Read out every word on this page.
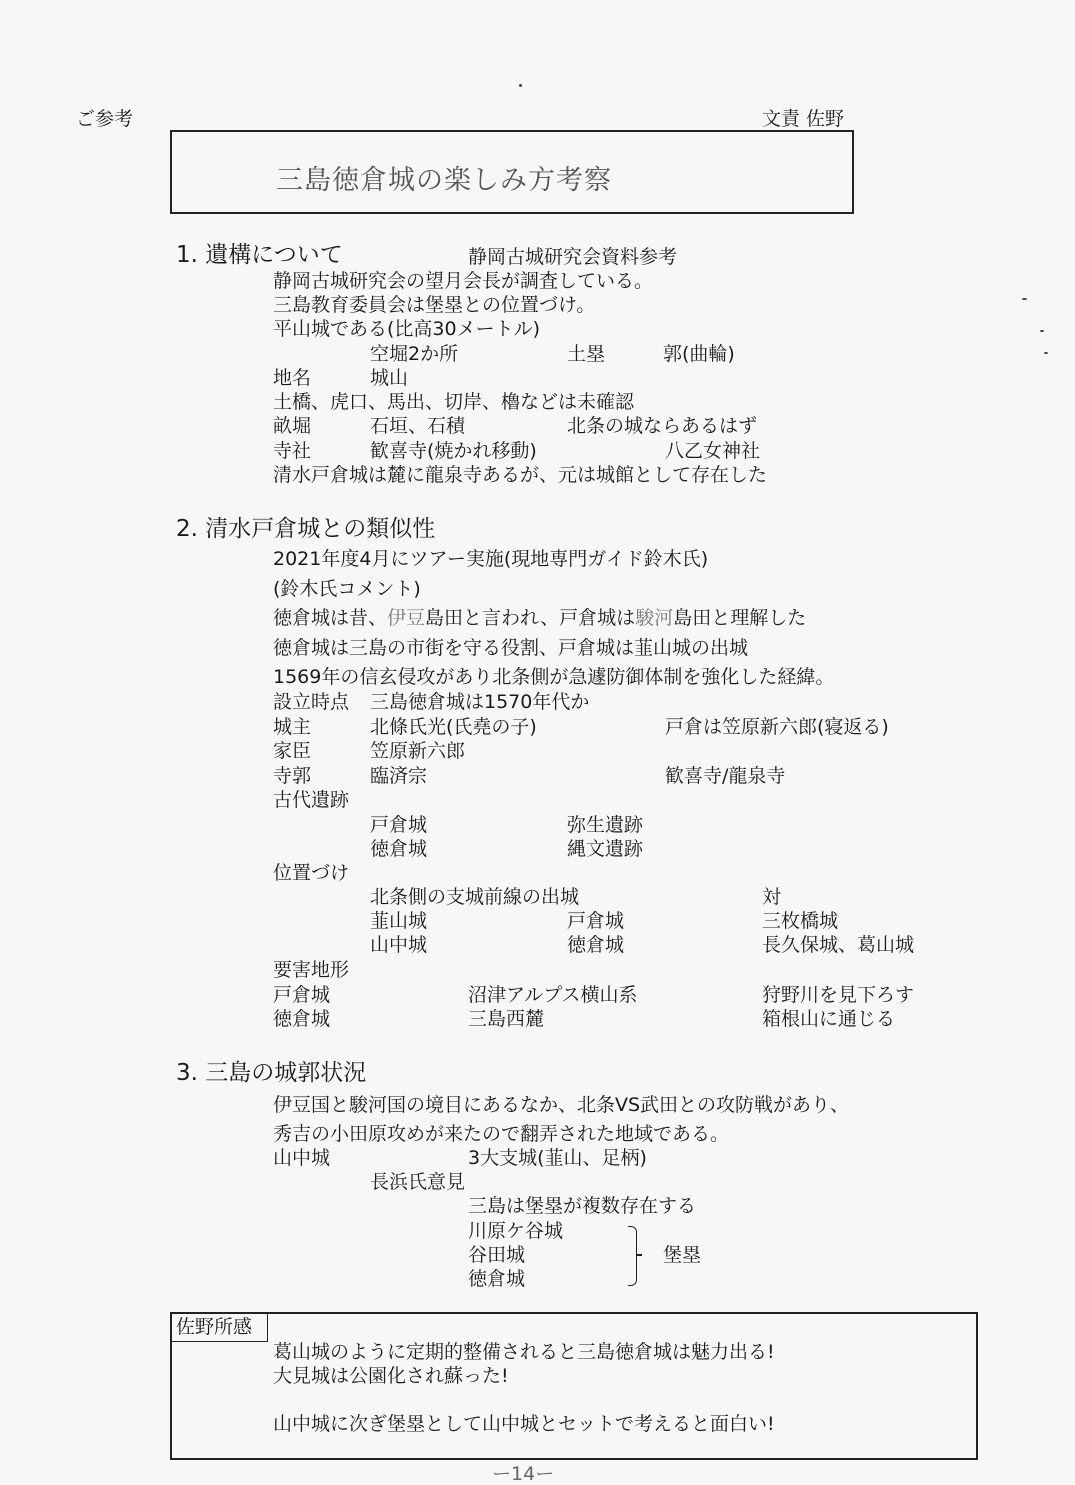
ご参考	文責 佐野
三島徳倉城の楽しみ方考察
1. 遺構について	静岡古城研究会資料参考
静岡古城研究会の望月会長が調査している。
三島教育委員会は堡塁との位置づけ。
平山城である(比高30メートル)
空堀2か所	土塁	郭(曲輪)
地名	城山
土橋、虎口、馬出、切岸、櫓などは未確認
畝堀	石垣、石積	北条の城ならあるはず
寺社	歓喜寺(焼かれ移動)	八乙女神社
清水戸倉城は麓に龍泉寺あるが、元は城館として存在した
2. 清水戸倉城との類似性
2021年度4月にツアー実施(現地専門ガイド鈴木氏)
(鈴木氏コメント)
徳倉城は昔、伊豆島田と言われ、戸倉城は駿河島田と理解した
徳倉城は三島の市街を守る役割、戸倉城は韮山城の出城
1569年の信玄侵攻があり北条側が急遽防御体制を強化した経緯。
設立時点 三島徳倉城は1570年代か
城主	北條氏光(氏堯の子)	戸倉は笠原新六郎(寝返る)
家臣	笠原新六郎
寺郭	臨済宗	歓喜寺/龍泉寺
古代遺跡
戸倉城	弥生遺跡
徳倉城	縄文遺跡
位置づけ
北条側の支城前線の出城	対
韮山城	戸倉城	三枚橋城
山中城	徳倉城	長久保城、葛山城
要害地形
戸倉城	沼津アルプス横山系	狩野川を見下ろす
徳倉城	三島西麓	箱根山に通じる
3. 三島の城郭状況
伊豆国と駿河国の境目にあるなか、北条VS武田との攻防戦があり、
秀吉の小田原攻めが来たので翻弄された地域である。
山中城	3大支城(韮山、足柄)
長浜氏意見
三島は堡塁が複数存在する
川原ケ谷城
谷田城
徳倉城
堡塁
佐野所感
葛山城のように定期的整備されると三島徳倉城は魅力出る!
大見城は公園化され蘇った!
山中城に次ぎ堡塁として山中城とセットで考えると面白い!
ー14ー
